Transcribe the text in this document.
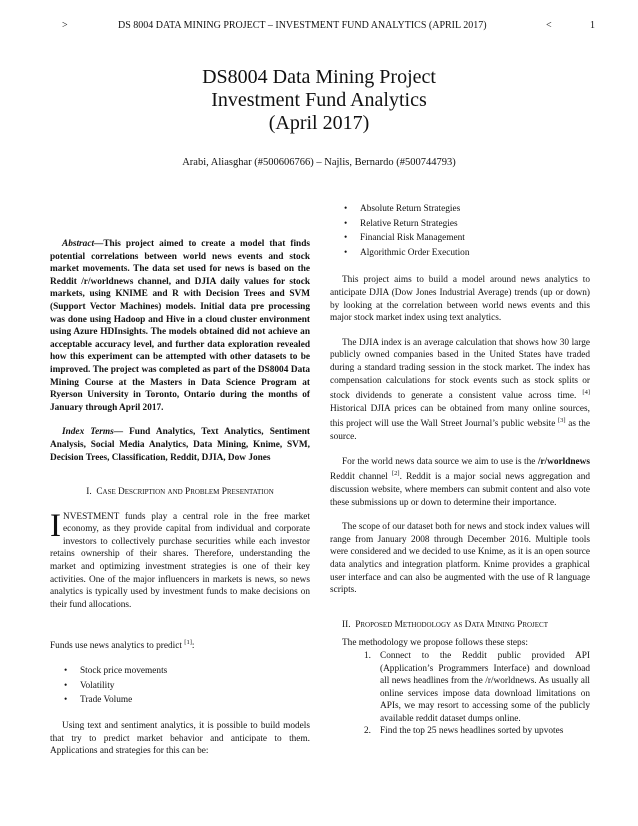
>	DS 8004 DATA MINING PROJECT – INVESTMENT FUND ANALYTICS (APRIL 2017)	<	1
DS8004 Data Mining Project
Investment Fund Analytics
(April 2017)
Arabi, Aliasghar (#500606766) – Najlis, Bernardo (#500744793)

Abstract—This project aimed to create a model that finds potential correlations between world news events and stock market movements. The data set used for news is based on the Reddit /r/worldnews channel, and DJIA daily values for stock markets, using KNIME and R with Decision Trees and SVM (Support Vector Machines) models. Initial data pre processing was done using Hadoop and Hive in a cloud cluster environment using Azure HDInsights. The models obtained did not achieve an acceptable accuracy level, and further data exploration revealed how this experiment can be attempted with other datasets to be improved. The project was completed as part of the DS8004 Data Mining Course at the Masters in Data Science Program at Ryerson University in Toronto, Ontario during the months of January through April 2017.

Index Terms— Fund Analytics, Text Analytics, Sentiment Analysis, Social Media Analytics, Data Mining, Knime, SVM, Decision Trees, Classification, Reddit, DJIA, Dow Jones

I. Case Description and Problem Presentation

INVESTMENT funds play a central role in the free market economy, as they provide capital from individual and corporate investors to collectively purchase securities while each investor retains ownership of their shares. Therefore, understanding the market and optimizing investment strategies is one of their key activities. One of the major influencers in markets is news, so news analytics is typically used by investment funds to make decisions on their fund allocations.

Funds use news analytics to predict [1]:

• Stock price movements
• Volatility
• Trade Volume

Using text and sentiment analytics, it is possible to build models that try to predict market behavior and anticipate to them. Applications and strategies for this can be:

• Absolute Return Strategies
• Relative Return Strategies
• Financial Risk Management
• Algorithmic Order Execution

This project aims to build a model around news analytics to anticipate DJIA (Dow Jones Industrial Average) trends (up or down) by looking at the correlation between world news events and this major stock market index using text analytics.

The DJIA index is an average calculation that shows how 30 large publicly owned companies based in the United States have traded during a standard trading session in the stock market. The index has compensation calculations for stock events such as stock splits or stock dividends to generate a consistent value across time. [4] Historical DJIA prices can be obtained from many online sources, this project will use the Wall Street Journal’s public website [3] as the source.

For the world news data source we aim to use is the /r/worldnews Reddit channel [2]. Reddit is a major social news aggregation and discussion website, where members can submit content and also vote these submissions up or down to determine their importance.

The scope of our dataset both for news and stock index values will range from January 2008 through December 2016. Multiple tools were considered and we decided to use Knime, as it is an open source data analytics and integration platform. Knime provides a graphical user interface and can also be augmented with the use of R language scripts.

II. Proposed Methodology as Data Mining Project

The methodology we propose follows these steps:

1. Connect to the Reddit public provided API (Application’s Programmers Interface) and download all news headlines from the /r/worldnews. As usually all online services impose data download limitations on APIs, we may resort to accessing some of the publicly available reddit dataset dumps online.
2. Find the top 25 news headlines sorted by upvotes
